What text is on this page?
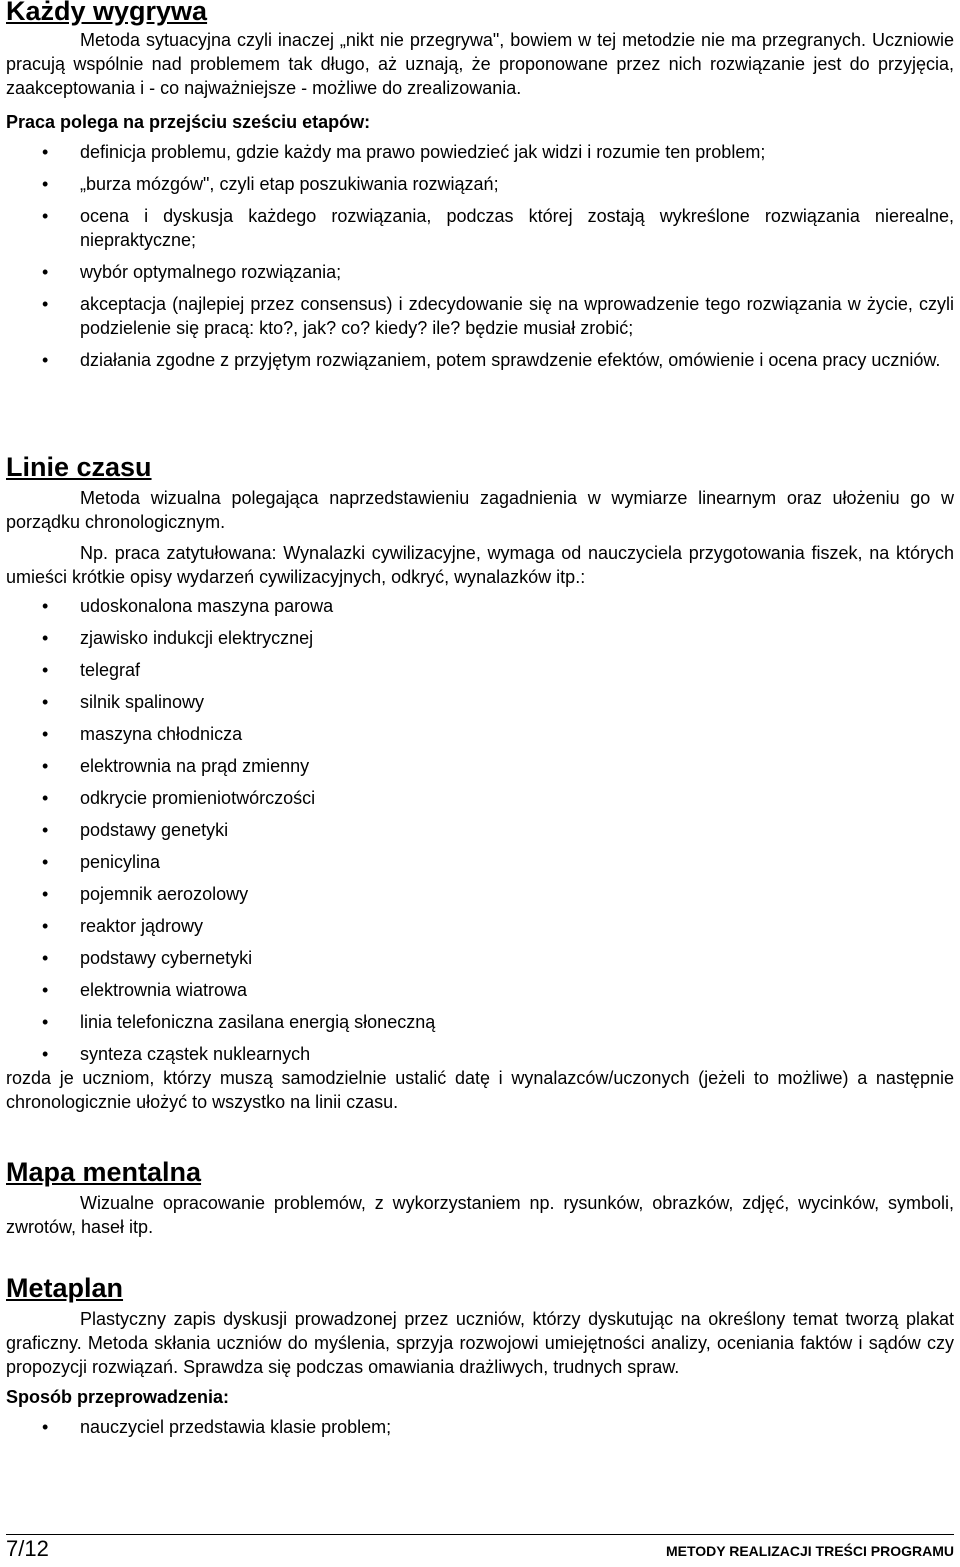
Każdy wygrywa

Metoda sytuacyjna czyli inaczej „nikt nie przegrywa", bowiem w tej metodzie nie ma przegranych. Uczniowie pracują wspólnie nad problemem tak długo, aż uznają, że proponowane przez nich rozwiązanie jest do przyjęcia, zaakceptowania i - co najważniejsze - możliwe do zrealizowania.

Praca polega na przejściu sześciu etapów:

• definicja problemu, gdzie każdy ma prawo powiedzieć jak widzi i rozumie ten problem;
• „burza mózgów", czyli etap poszukiwania rozwiązań;
• ocena i dyskusja każdego rozwiązania, podczas której zostają wykreślone rozwiązania nierealne, niepraktyczne;
• wybór optymalnego rozwiązania;
• akceptacja (najlepiej przez consensus) i zdecydowanie się na wprowadzenie tego rozwiązania w życie, czyli podzielenie się pracą: kto?, jak? co? kiedy? ile? będzie musiał zrobić;
• działania zgodne z przyjętym rozwiązaniem, potem sprawdzenie efektów, omówienie i ocena pracy uczniów.
Linie czasu

Metoda wizualna polegająca naprzedstawieniu zagadnienia w wymiarze linearnym oraz ułożeniu go w porządku chronologicznym.

Np. praca zatytułowana: Wynalazki cywilizacyjne, wymaga od nauczyciela przygotowania fiszek, na których umieści krótkie opisy wydarzeń cywilizacyjnych, odkryć, wynalazków itp.:

• udoskonalona maszyna parowa
• zjawisko indukcji elektrycznej
• telegraf
• silnik spalinowy
• maszyna chłodnicza
• elektrownia na prąd zmienny
• odkrycie promieniotwórczości
• podstawy genetyki
• penicylina
• pojemnik aerozolowy
• reaktor jądrowy
• podstawy cybernetyki
• elektrownia wiatrowa
• linia telefoniczna zasilana energią słoneczną
• synteza cząstek nuklearnych

rozda je uczniom, którzy muszą samodzielnie ustalić datę i wynalazców/uczonych (jeżeli to możliwe) a następnie chronologicznie ułożyć to wszystko na linii czasu.

Mapa mentalna

Wizualne opracowanie problemów, z wykorzystaniem np. rysunków, obrazków, zdjęć, wycinków, symboli, zwrotów, haseł itp.

Metaplan

Plastyczny zapis dyskusji prowadzonej przez uczniów, którzy dyskutując na określony temat tworzą plakat graficzny. Metoda skłania uczniów do myślenia, sprzyja rozwojowi umiejętności analizy, oceniania faktów i sądów czy propozycji rozwiązań. Sprawdza się podczas omawiania drażliwych, trudnych spraw.

Sposób przeprowadzenia:

• nauczyciel przedstawia klasie problem;
7/12	METODY REALIZACJI TREŚCI PROGRAMU
